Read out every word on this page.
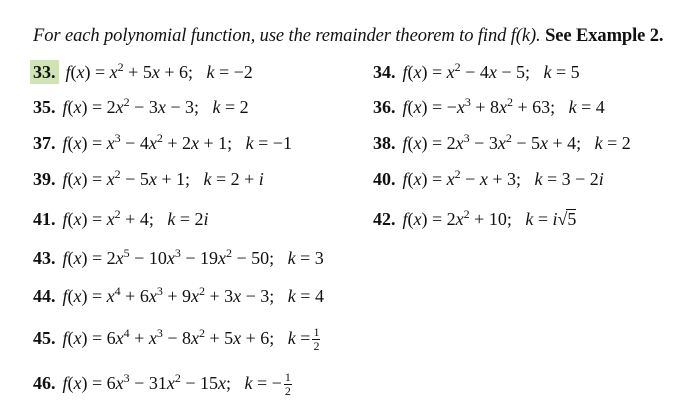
For each polynomial function, use the remainder theorem to find f(k). See Example 2.
33. $f(x) = x^2 + 5x + 6$;   k = −2	34. $f(x) = x^2 - 4x - 5$;   k = 5
35. $f(x) = 2x^2 - 3x - 3$;   k = 2	36. $f(x) = -x^3 + 8x^2 + 63$;   k = 4
37. $f(x) = x^3 - 4x^2 + 2x + 1$;   k = −1	38. $f(x) = 2x^3 - 3x^2 - 5x + 4$;   k = 2
39. $f(x) = x^2 - 5x + 1$;   k = 2 + i	40. $f(x) = x^2 - x + 3$;   k = 3 − 2i
41. $f(x) = x^2 + 4$;   k = 2i	42. $f(x) = 2x^2 + 10$;   k = i√5
43. $f(x) = 2x^5 - 10x^3 - 19x^2 - 50$;   k = 3
44. $f(x) = x^4 + 6x^3 + 9x^2 + 3x - 3$;   k = 4
45. $f(x) = 6x^4 + x^3 - 8x^2 + 5x + 6$;   $k = \frac{1}{2}$
46. $f(x) = 6x^3 - 31x^2 - 15x$;   k = − $\frac{1}{2}$
